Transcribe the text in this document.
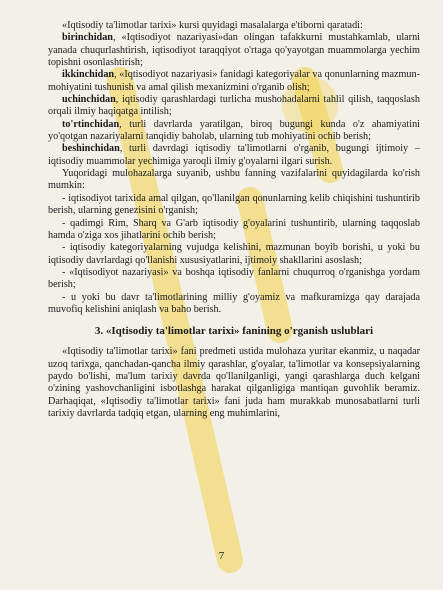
«Iqtisodiy ta'limotlar tarixi» kursi quyidagi masalalarga e'tiborni qaratadi:

birinchidan, «Iqtisodiyot nazariyasi»dan olingan tafakkurni mustahkamlab, ularni yanada chuqurlashtirish, iqtisodiyot taraqqiyot o'rtaga qo'yayotgan muammolarga yechim topishni osonlashtirish;

ikkinchidan, «Iqtisodiyot nazariyasi» fanidagi kategoriyalar va qonunlarning mazmun-mohiyatini tushunish va amal qilish mexanizmini o'rganib olish;

uchinchidan, iqtisodiy qarashlardagi turlicha mushohadalarni tahlil qilish, taqqoslash orqali ilmiy haqiqatga intilish;

to'rtinchidan, turli davrlarda yaratilgan, biroq bugungi kunda o'z ahamiyatini yo'qotgan nazariyalarni tanqidiy baholab, ularning tub mohiyatini ochib berish;

beshinchidan, turli davrdagi iqtisodiy ta'limotlarni o'rganib, bugungi ijtimoiy –iqtisodiy muammolar yechimiga yaroqli ilmiy g'oyalarni ilgari surish.

Yuqoridagi mulohazalarga suyanib, ushbu fanning vazifalarini quyidagilarda ko'rish mumkin:

- iqtisodiyot tarixida amal qilgan, qo'llanilgan qonunlarning kelib chiqishini tushuntirib berish, ularning genezisini o'rganish;

- qadimgi Rim, Sharq va G'arb iqtisodiy g'oyalarini tushuntirib, ularning taqqoslab hamda o'ziga xos jihatlarini ochib berish;

- iqtisodiy kategoriyalarning vujudga kelishini, mazmunan boyib borishi, u yoki bu iqtisodiy davrlardagi qo'llanishi xususiyatlarini, ijtimoiy shakllarini asoslash;

- «Iqtisodiyot nazariyasi» va boshqa iqtisodiy fanlarni chuqurroq o'rganishga yordam berish;

- u yoki bu davr ta'limotlarining milliy g'oyamiz va mafkuramizga qay darajada muvofiq kelishini aniqlash va baho berish.

3. «Iqtisodiy ta'limotlar tarixi» fanining o'rganish uslublari

«Iqtisodiy ta'limotlar tarixi» fani predmeti ustida mulohaza yuritar ekanmiz, u naqadar uzoq tarixga, qanchadan-qancha ilmiy qarashlar, g'oyalar, ta'limotlar va konsepsiyalarning paydo bo'lishi, ma'lum tarixiy davrda qo'llanilganligi, yangi qarashlarga duch kelgani o'zining yashovchanligini isbotlashga harakat qilganligiga mantiqan guvohlik beramiz. Darhaqiqat, «Iqtisodiy ta'limotlar tarixi» fani juda ham murakkab munosabatlarni turli tarixiy davrlarda tadqiq etgan, ularning eng muhimlarini,

7
